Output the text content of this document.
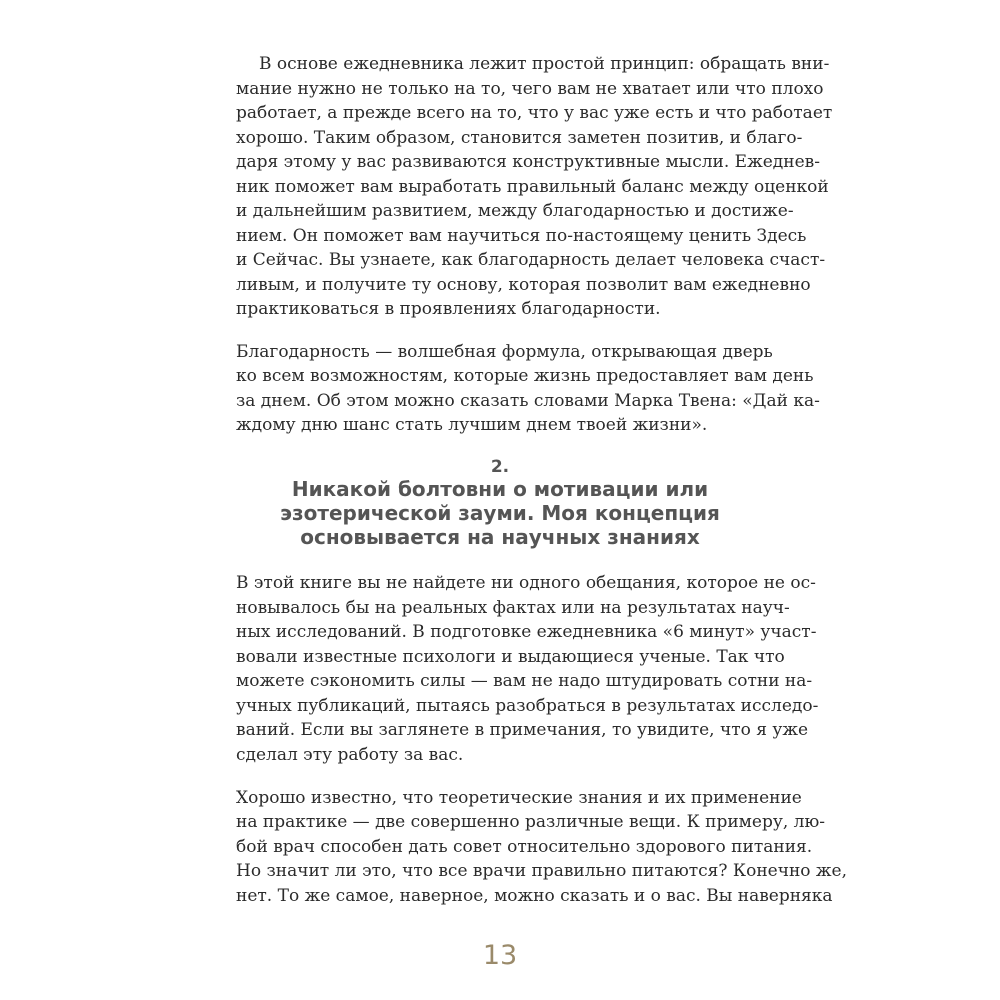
В основе ежедневника лежит простой принцип: обращать вни-
мание нужно не только на то, чего вам не хватает или что плохо
работает, а прежде всего на то, что у вас уже есть и что работает
хорошо. Таким образом, становится заметен позитив, и благо-
даря этому у вас развиваются конструктивные мысли. Ежеднев-
ник поможет вам выработать правильный баланс между оценкой
и дальнейшим развитием, между благодарностью и достиже-
нием. Он поможет вам научиться по-настоящему ценить Здесь
и Сейчас. Вы узнаете, как благодарность делает человека счаст-
ливым, и получите ту основу, которая позволит вам ежедневно
практиковаться в проявлениях благодарности.
Благодарность — волшебная формула, открывающая дверь
ко всем возможностям, которые жизнь предоставляет вам день
за днем. Об этом можно сказать словами Марка Твена: «Дай ка-
ждому дню шанс стать лучшим днем твоей жизни».
2.
Никакой болтовни о мотивации или
эзотерической зауми. Моя концепция
основывается на научных знаниях
В этой книге вы не найдете ни одного обещания, которое не ос-
новывалось бы на реальных фактах или на результатах науч-
ных исследований. В подготовке ежедневника «6 минут» участ-
вовали известные психологи и выдающиеся ученые. Так что
можете сэкономить силы — вам не надо штудировать сотни на-
учных публикаций, пытаясь разобраться в результатах исследо-
ваний. Если вы заглянете в примечания, то увидите, что я уже
сделал эту работу за вас.
Хорошо известно, что теоретические знания и их применение
на практике — две совершенно различные вещи. К примеру, лю-
бой врач способен дать совет относительно здорового питания.
Но значит ли это, что все врачи правильно питаются? Конечно же,
нет. То же самое, наверное, можно сказать и о вас. Вы наверняка
13
